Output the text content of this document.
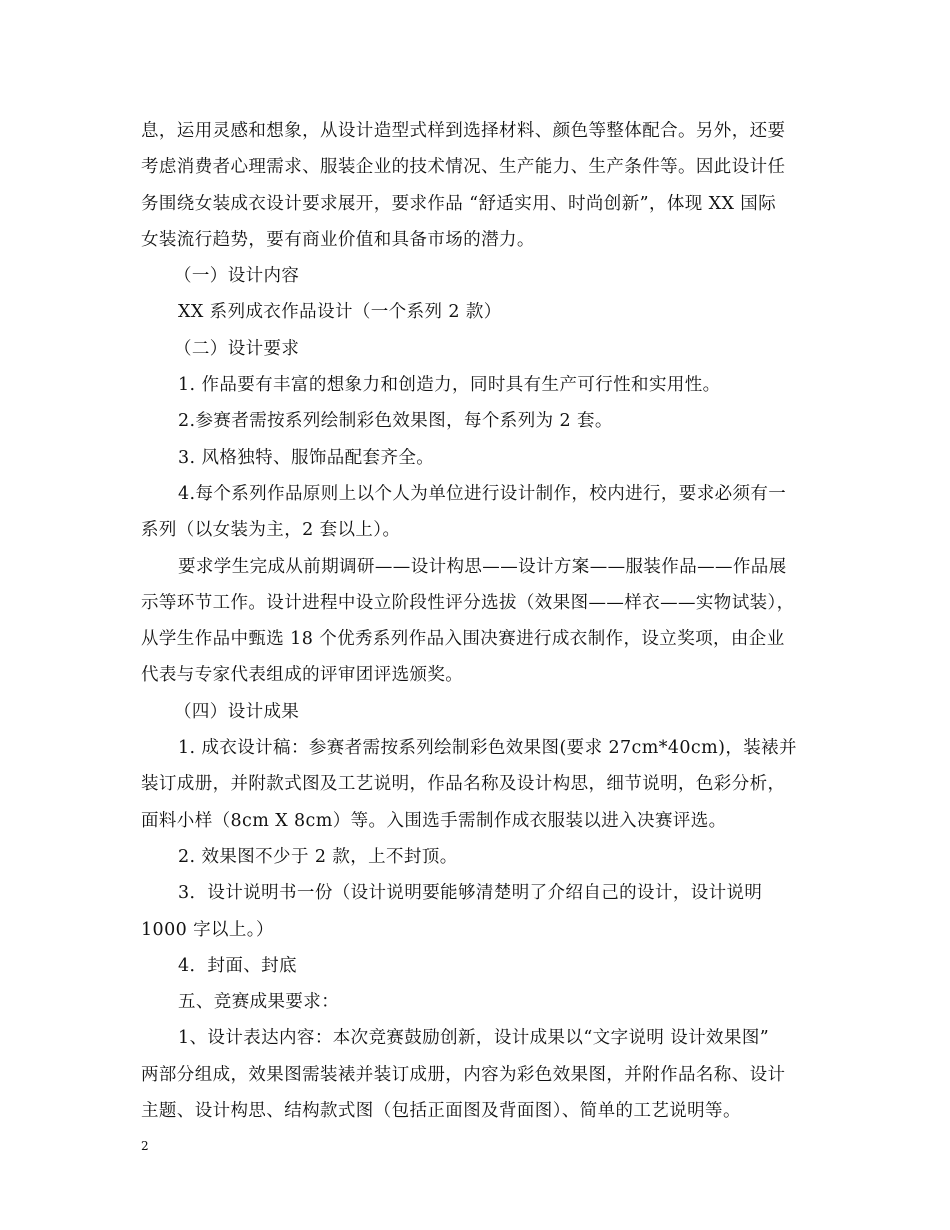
息，运用灵感和想象，从设计造型式样到选择材料、颜色等整体配合。另外，还要

考虑消费者心理需求、服装企业的技术情况、生产能力、生产条件等。因此设计任

务围绕女装成衣设计要求展开，要求作品 “舒适实用、时尚创新”，体现 XX 国际

女装流行趋势，要有商业价值和具备市场的潜力。

（一）设计内容

XX 系列成衣作品设计（一个系列 2 款）

（二）设计要求

1. 作品要有丰富的想象力和创造力，同时具有生产可行性和实用性。

2.参赛者需按系列绘制彩色效果图，每个系列为 2 套。

3. 风格独特、服饰品配套齐全。

4.每个系列作品原则上以个人为单位进行设计制作，校内进行，要求必须有一

系列（以女装为主，2 套以上）。

要求学生完成从前期调研——设计构思——设计方案——服装作品——作品展

示等环节工作。设计进程中设立阶段性评分选拔（效果图——样衣——实物试装），

从学生作品中甄选 18 个优秀系列作品入围决赛进行成衣制作，设立奖项，由企业

代表与专家代表组成的评审团评选颁奖。

（四）设计成果

1. 成衣设计稿：参赛者需按系列绘制彩色效果图(要求 27cm*40cm)，装裱并

装订成册，并附款式图及工艺说明，作品名称及设计构思，细节说明，色彩分析，

面料小样（8cm X 8cm）等。入围选手需制作成衣服装以进入决赛评选。

2. 效果图不少于 2 款，上不封顶。

3．设计说明书一份（设计说明要能够清楚明了介绍自己的设计，设计说明

1000 字以上。）

4．封面、封底

五、竞赛成果要求：

1、设计表达内容：本次竞赛鼓励创新，设计成果以“文字说明 设计效果图”

两部分组成，效果图需装裱并装订成册，内容为彩色效果图，并附作品名称、设计

主题、设计构思、结构款式图（包括正面图及背面图）、简单的工艺说明等。

2
